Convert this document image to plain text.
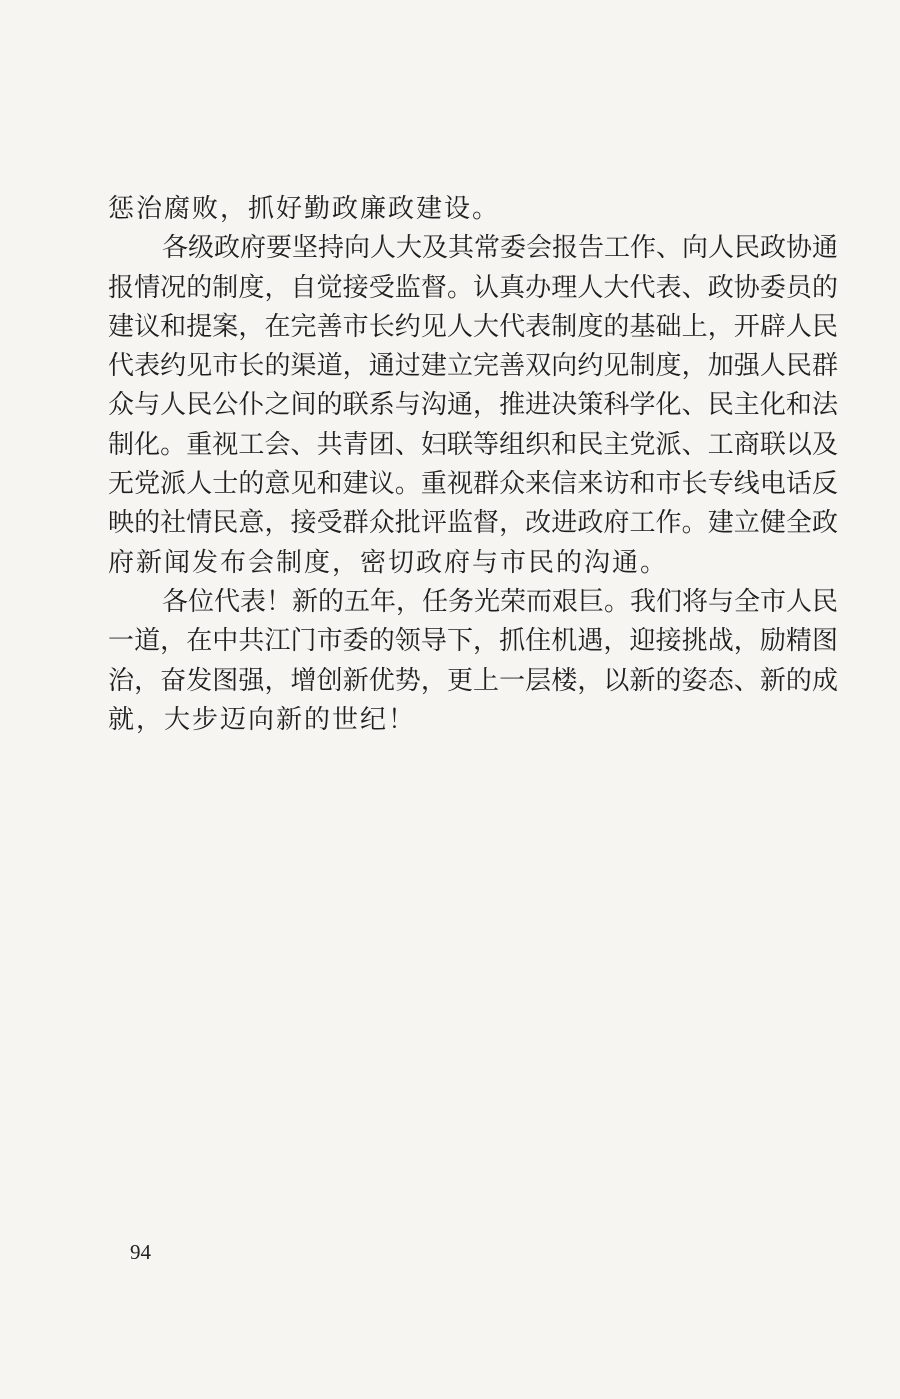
惩治腐败，抓好勤政廉政建设。
各级政府要坚持向人大及其常委会报告工作、向人民政协通
报情况的制度，自觉接受监督。认真办理人大代表、政协委员的
建议和提案，在完善市长约见人大代表制度的基础上，开辟人民
代表约见市长的渠道，通过建立完善双向约见制度，加强人民群
众与人民公仆之间的联系与沟通，推进决策科学化、民主化和法
制化。重视工会、共青团、妇联等组织和民主党派、工商联以及
无党派人士的意见和建议。重视群众来信来访和市长专线电话反
映的社情民意，接受群众批评监督，改进政府工作。建立健全政
府新闻发布会制度，密切政府与市民的沟通。
各位代表！新的五年，任务光荣而艰巨。我们将与全市人民
一道，在中共江门市委的领导下，抓住机遇，迎接挑战，励精图
治，奋发图强，增创新优势，更上一层楼，以新的姿态、新的成
就，大步迈向新的世纪！
94
